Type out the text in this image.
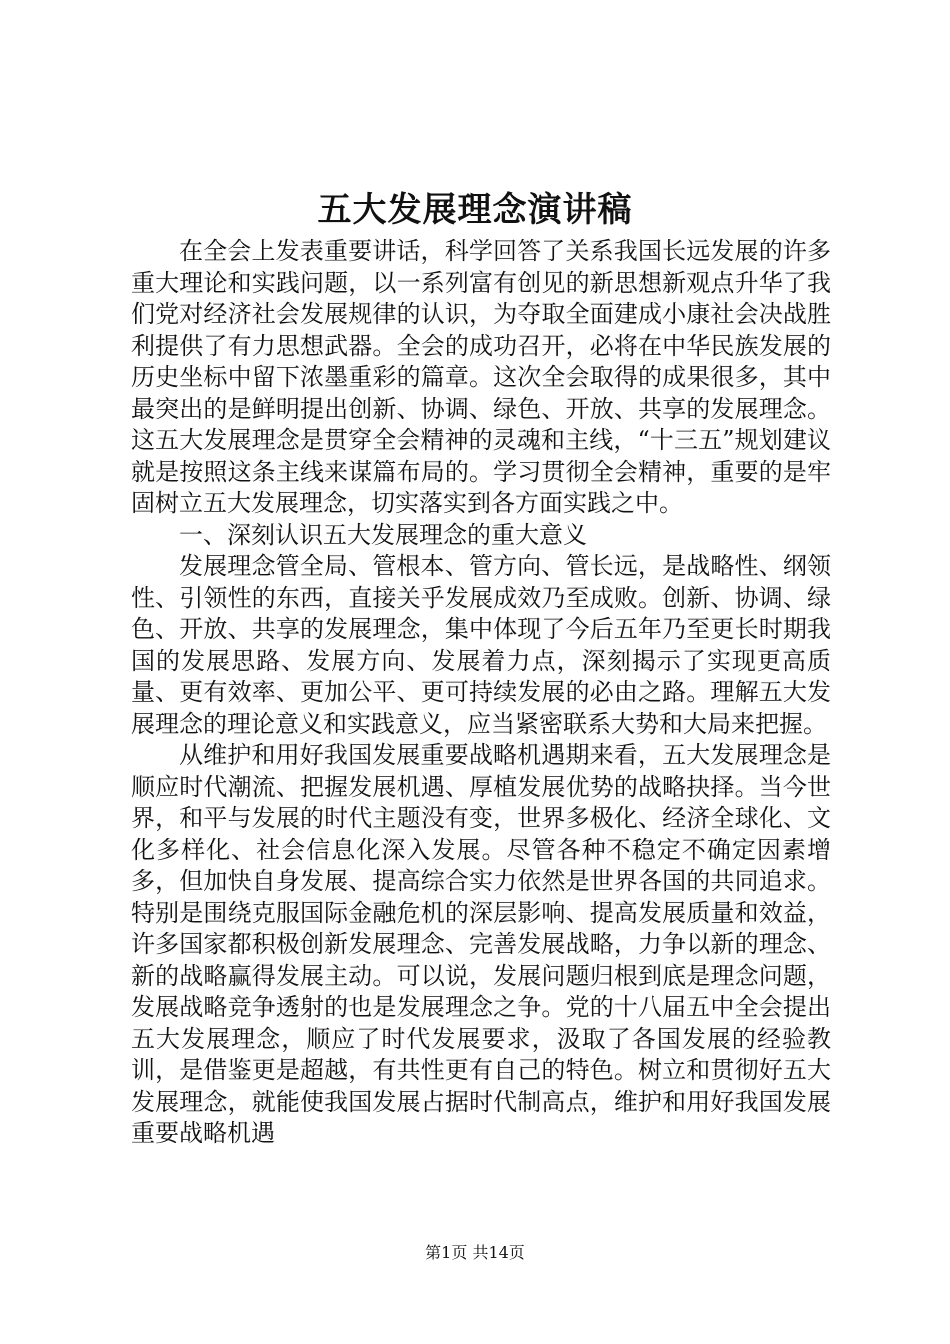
五大发展理念演讲稿

在全会上发表重要讲话，科学回答了关系我国长远发展的许多重大理论和实践问题，以一系列富有创见的新思想新观点升华了我们党对经济社会发展规律的认识，为夺取全面建成小康社会决战胜利提供了有力思想武器。全会的成功召开，必将在中华民族发展的历史坐标中留下浓墨重彩的篇章。这次全会取得的成果很多，其中最突出的是鲜明提出创新、协调、绿色、开放、共享的发展理念。这五大发展理念是贯穿全会精神的灵魂和主线，“十三五”规划建议就是按照这条主线来谋篇布局的。学习贯彻全会精神，重要的是牢固树立五大发展理念，切实落实到各方面实践之中。

一、深刻认识五大发展理念的重大意义

发展理念管全局、管根本、管方向、管长远，是战略性、纲领性、引领性的东西，直接关乎发展成效乃至成败。创新、协调、绿色、开放、共享的发展理念，集中体现了今后五年乃至更长时期我国的发展思路、发展方向、发展着力点，深刻揭示了实现更高质量、更有效率、更加公平、更可持续发展的必由之路。理解五大发展理念的理论意义和实践意义，应当紧密联系大势和大局来把握。

从维护和用好我国发展重要战略机遇期来看，五大发展理念是顺应时代潮流、把握发展机遇、厚植发展优势的战略抉择。当今世界，和平与发展的时代主题没有变，世界多极化、经济全球化、文化多样化、社会信息化深入发展。尽管各种不稳定不确定因素增多，但加快自身发展、提高综合实力依然是世界各国的共同追求。特别是围绕克服国际金融危机的深层影响、提高发展质量和效益，许多国家都积极创新发展理念、完善发展战略，力争以新的理念、新的战略赢得发展主动。可以说，发展问题归根到底是理念问题，发展战略竞争透射的也是发展理念之争。党的十八届五中全会提出五大发展理念，顺应了时代发展要求，汲取了各国发展的经验教训，是借鉴更是超越，有共性更有自己的特色。树立和贯彻好五大发展理念，就能使我国发展占据时代制高点，维护和用好我国发展重要战略机遇

第1页 共14页
